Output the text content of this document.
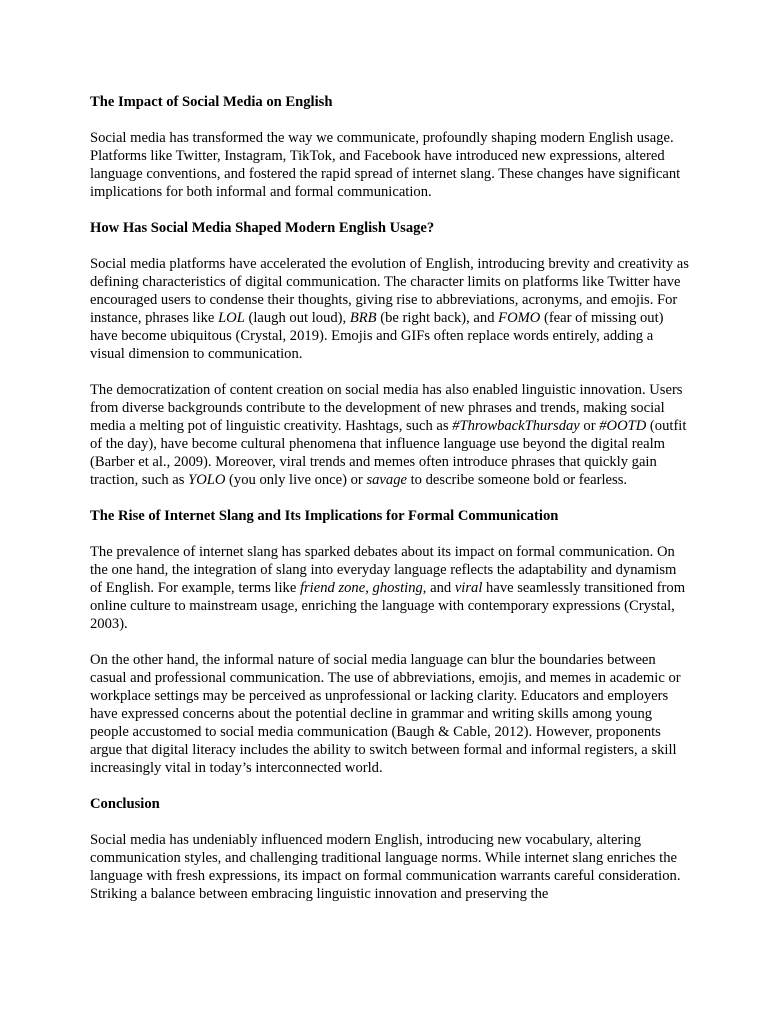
The Impact of Social Media on English

Social media has transformed the way we communicate, profoundly shaping modern English usage. Platforms like Twitter, Instagram, TikTok, and Facebook have introduced new expressions, altered language conventions, and fostered the rapid spread of internet slang. These changes have significant implications for both informal and formal communication.

How Has Social Media Shaped Modern English Usage?

Social media platforms have accelerated the evolution of English, introducing brevity and creativity as defining characteristics of digital communication. The character limits on platforms like Twitter have encouraged users to condense their thoughts, giving rise to abbreviations, acronyms, and emojis. For instance, phrases like LOL (laugh out loud), BRB (be right back), and FOMO (fear of missing out) have become ubiquitous (Crystal, 2019). Emojis and GIFs often replace words entirely, adding a visual dimension to communication.

The democratization of content creation on social media has also enabled linguistic innovation. Users from diverse backgrounds contribute to the development of new phrases and trends, making social media a melting pot of linguistic creativity. Hashtags, such as #ThrowbackThursday or #OOTD (outfit of the day), have become cultural phenomena that influence language use beyond the digital realm (Barber et al., 2009). Moreover, viral trends and memes often introduce phrases that quickly gain traction, such as YOLO (you only live once) or savage to describe someone bold or fearless.

The Rise of Internet Slang and Its Implications for Formal Communication

The prevalence of internet slang has sparked debates about its impact on formal communication. On the one hand, the integration of slang into everyday language reflects the adaptability and dynamism of English. For example, terms like friend zone, ghosting, and viral have seamlessly transitioned from online culture to mainstream usage, enriching the language with contemporary expressions (Crystal, 2003).

On the other hand, the informal nature of social media language can blur the boundaries between casual and professional communication. The use of abbreviations, emojis, and memes in academic or workplace settings may be perceived as unprofessional or lacking clarity. Educators and employers have expressed concerns about the potential decline in grammar and writing skills among young people accustomed to social media communication (Baugh & Cable, 2012). However, proponents argue that digital literacy includes the ability to switch between formal and informal registers, a skill increasingly vital in today’s interconnected world.

Conclusion

Social media has undeniably influenced modern English, introducing new vocabulary, altering communication styles, and challenging traditional language norms. While internet slang enriches the language with fresh expressions, its impact on formal communication warrants careful consideration. Striking a balance between embracing linguistic innovation and preserving the
